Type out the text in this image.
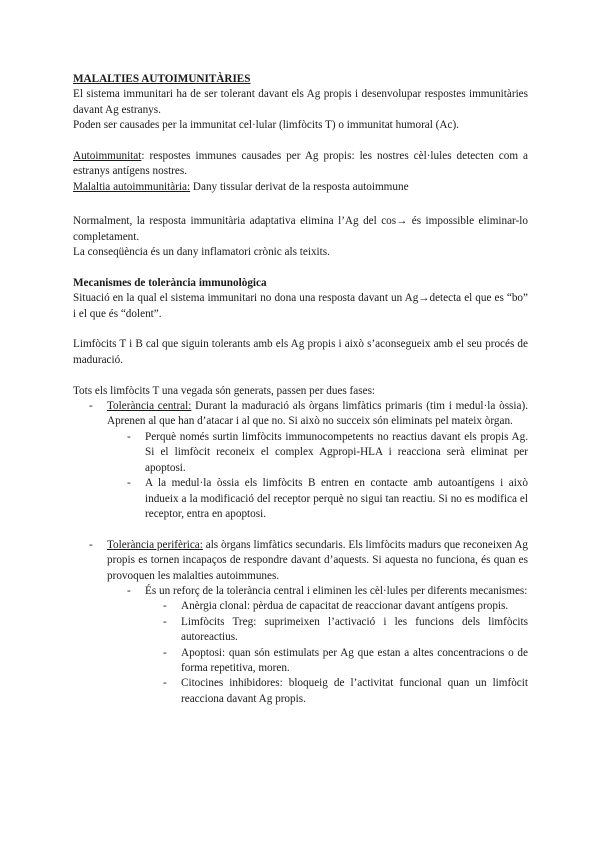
MALALTIES AUTOIMUNITÀRIES

El sistema immunitari ha de ser tolerant davant els Ag propis i desenvolupar respostes immunitàries davant Ag estranys.

Poden ser causades per la immunitat cel·lular (limfòcits T) o immunitat humoral (Ac).

Autoimmunitat: respostes immunes causades per Ag propis: les nostres cèl·lules detecten com a estranys antígens nostres.

Malaltia autoimmunitària: Dany tissular derivat de la resposta autoimmune

Normalment, la resposta immunitària adaptativa elimina l’Ag del cos→ és impossible eliminar-lo completament.

La conseqüència és un dany inflamatori crònic als teixits.

Mecanismes de tolerància immunològica

Situació en la qual el sistema immunitari no dona una resposta davant un Ag→detecta el que es “bo” i el que és “dolent”.

Limfòcits T i B cal que siguin tolerants amb els Ag propis i això s’aconsegueix amb el seu procés de maduració.

Tots els limfòcits T una vegada són generats, passen per dues fases:

- Tolerància central: Durant la maduració als òrgans limfàtics primaris (tim i medul·la òssia). Aprenen al que han d’atacar i al que no. Si això no succeix són eliminats pel mateix òrgan.
- Perquè només surtin limfòcits immunocompetents no reactius davant els propis Ag. Si el limfòcit reconeix el complex Agpropi-HLA i reacciona serà eliminat per apoptosi.
- A la medul·la òssia els limfòcits B entren en contacte amb autoantígens i això indueix a la modificació del receptor perquè no sigui tan reactiu. Si no es modifica el receptor, entra en apoptosi.
- Tolerància perifèrica: als òrgans limfàtics secundaris. Els limfòcits madurs que reconeixen Ag propis es tornen incapaços de respondre davant d’aquests. Si aquesta no funciona, és quan es provoquen les malalties autoimmunes.
- És un reforç de la tolerància central i eliminen les cèl·lules per diferents mecanismes:
- Anèrgia clonal: pèrdua de capacitat de reaccionar davant antígens propis.
- Limfòcits Treg: suprimeixen l’activació i les funcions dels limfòcits autoreactius.
- Apoptosi: quan són estimulats per Ag que estan a altes concentracions o de forma repetitiva, moren.
- Citocines inhibidores: bloqueig de l’activitat funcional quan un limfòcit reacciona davant Ag propis.
